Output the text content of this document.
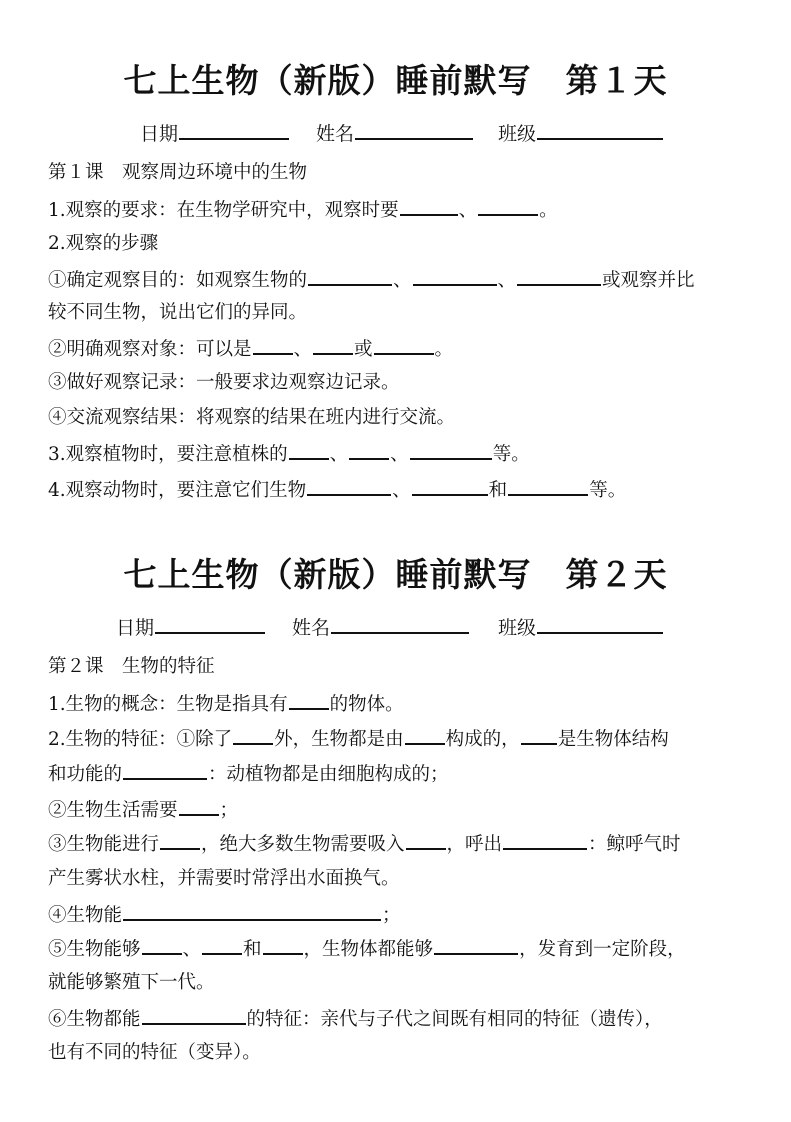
七上生物（新版）睡前默写　第１天
日期	姓名	班级
第１课　观察周边环境中的生物
1.观察的要求：在生物学研究中，观察时要	、	。
2.观察的步骤
①确定观察目的：如观察生物的	、	、	或观察并比
较不同生物，说出它们的异同。
②明确观察对象：可以是 、 或	。
③做好观察记录：一般要求边观察边记录。
④交流观察结果：将观察的结果在班内进行交流。
3.观察植物时，要注意植株的 、 、	等。
4.观察动物时，要注意它们生物	、	和	等。
七上生物（新版）睡前默写　第２天
日期	姓名	班级
第２课　生物的特征
1.生物的概念：生物是指具有 的物体。
2.生物的特征：①除了 外，生物都是由 构成的， 是生物体结构
和功能的	：动植物都是由细胞构成的；
②生物生活需要 ；
③生物能进行 ，绝大多数生物需要吸入 ，呼出	：鲸呼气时
产生雾状水柱，并需要时常浮出水面换气。
④生物能	；
⑤生物能够 、 和 ，生物体都能够	，发育到一定阶段，
就能够繁殖下一代。
⑥生物都能	的特征：亲代与子代之间既有相同的特征（遗传），
也有不同的特征（变异）。
